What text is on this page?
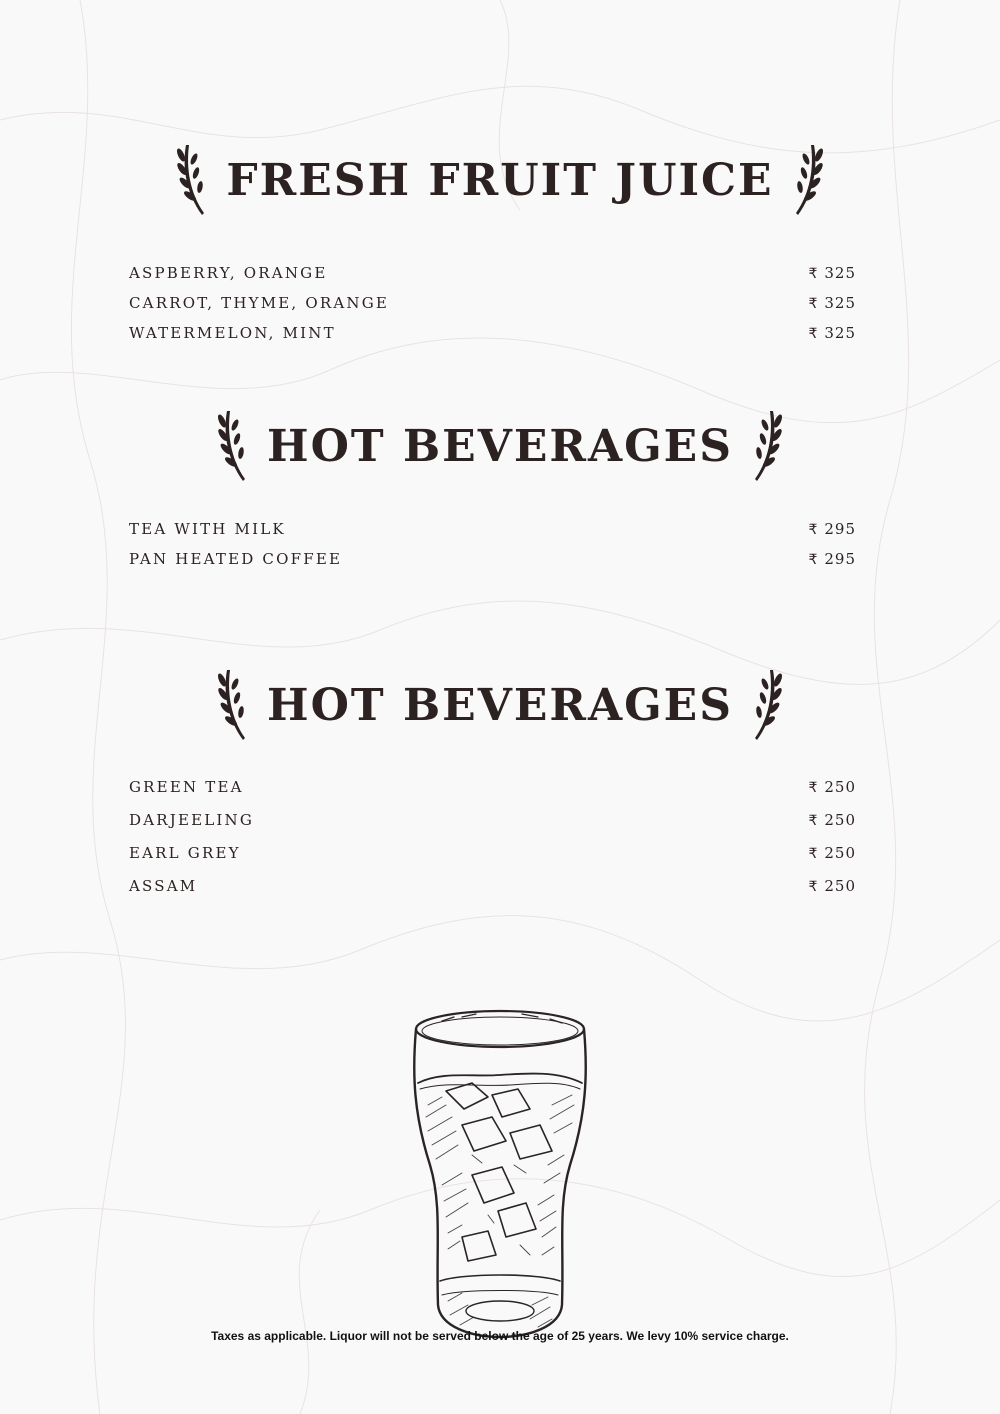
FRESH FRUIT JUICE
ASPBERRY, ORANGE	₹ 325
CARROT, THYME, ORANGE	₹ 325
WATERMELON, MINT	₹ 325
HOT BEVERAGES
TEA WITH MILK	₹ 295
PAN HEATED COFFEE	₹ 295
HOT BEVERAGES
GREEN TEA	₹ 250
DARJEELING	₹ 250
EARL GREY	₹ 250
ASSAM	₹ 250
Taxes as applicable. Liquor will not be served below the age of 25 years. We levy 10% service charge.
